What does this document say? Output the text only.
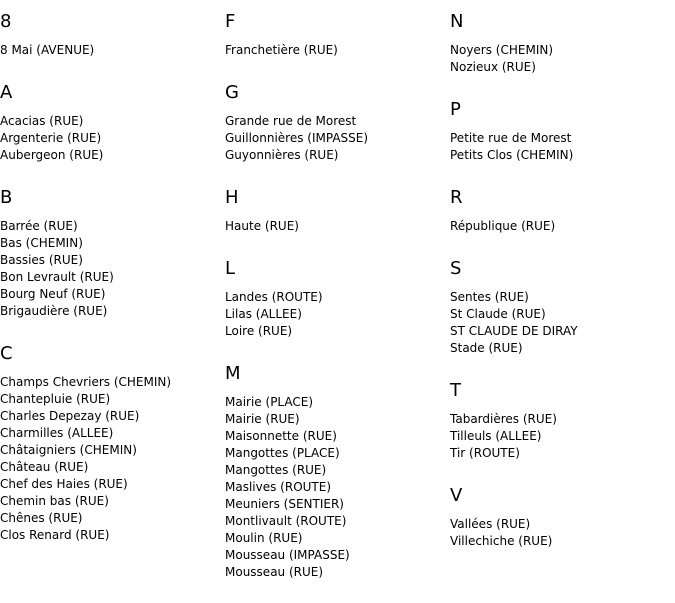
8
8 Mai (AVENUE)
A
Acacias (RUE)
Argenterie (RUE)
Aubergeon (RUE)
B
Barrée (RUE)
Bas (CHEMIN)
Bassies (RUE)
Bon Levrault (RUE)
Bourg Neuf (RUE)
Brigaudière (RUE)
C
Champs Chevriers (CHEMIN)
Chantepluie (RUE)
Charles Depezay (RUE)
Charmilles (ALLEE)
Châtaigniers (CHEMIN)
Château (RUE)
Chef des Haies (RUE)
Chemin bas (RUE)
Chênes (RUE)
Clos Renard (RUE)
F
Franchetière (RUE)
G
Grande rue de Morest
Guillonnières (IMPASSE)
Guyonnières (RUE)
H
Haute (RUE)
L
Landes (ROUTE)
Lilas (ALLEE)
Loire (RUE)
M
Mairie (PLACE)
Mairie (RUE)
Maisonnette (RUE)
Mangottes (PLACE)
Mangottes (RUE)
Maslives (ROUTE)
Meuniers (SENTIER)
Montlivault (ROUTE)
Moulin (RUE)
Mousseau (IMPASSE)
Mousseau (RUE)
N
Noyers (CHEMIN)
Nozieux (RUE)
P
Petite rue de Morest
Petits Clos (CHEMIN)
R
République (RUE)
S
Sentes (RUE)
St Claude (RUE)
ST CLAUDE DE DIRAY
Stade (RUE)
T
Tabardières (RUE)
Tilleuls (ALLEE)
Tir (ROUTE)
V
Vallées (RUE)
Villechiche (RUE)
